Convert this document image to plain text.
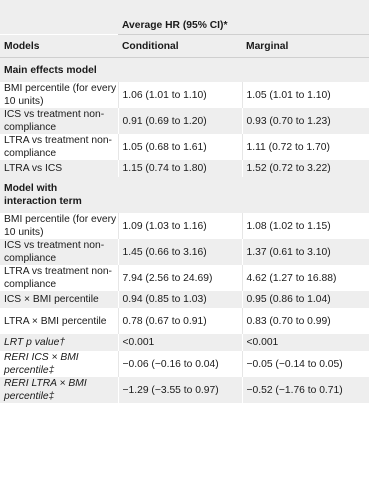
	Average HR (95% CI)*	
Models	Conditional	Marginal
Main effects model		
BMI percentile (for every 10 units)	1.06 (1.01 to 1.10)	1.05 (1.01 to 1.10)
ICS vs treatment non-compliance	0.91 (0.69 to 1.20)	0.93 (0.70 to 1.23)
LTRA vs treatment non-compliance	1.05 (0.68 to 1.61)	1.11 (0.72 to 1.70)
LTRA vs ICS	1.15 (0.74 to 1.80)	1.52 (0.72 to 3.22)
Model with interaction term		
BMI percentile (for every 10 units)	1.09 (1.03 to 1.16)	1.08 (1.02 to 1.15)
ICS vs treatment non-compliance	1.45 (0.66 to 3.16)	1.37 (0.61 to 3.10)
LTRA vs treatment non-compliance	7.94 (2.56 to 24.69)	4.62 (1.27 to 16.88)
ICS × BMI percentile	0.94 (0.85 to 1.03)	0.95 (0.86 to 1.04)
LTRA × BMI percentile	0.78 (0.67 to 0.91)	0.83 (0.70 to 0.99)
LRT p value†	<0.001	<0.001
RERI ICS × BMI percentile‡	−0.06 (−0.16 to 0.04)	−0.05 (−0.14 to 0.05)
RERI LTRA × BMI percentile‡	−1.29 (−3.55 to 0.97)	−0.52 (−1.76 to 0.71)
